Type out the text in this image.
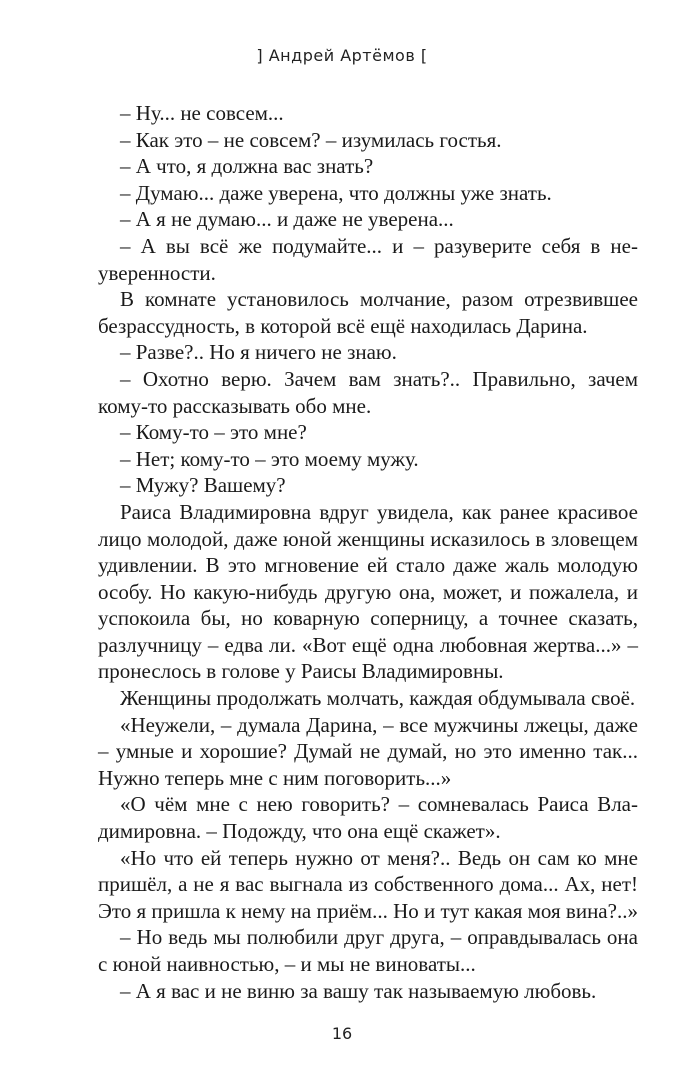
] Андрей Артёмов [

– Ну... не совсем...

– Как это – не совсем? – изумилась гостья.

– А что, я должна вас знать?

– Думаю... даже уверена, что должны уже знать.

– А я не думаю... и даже не уверена...

– А вы всё же подумайте... и – разуверите себя в неуверенности.

В комнате установилось молчание, разом отрезвившее безрассудность, в которой всё ещё находилась Дарина.

– Разве?.. Но я ничего не знаю.

– Охотно верю. Зачем вам знать?.. Правильно, зачем кому-то рассказывать обо мне.

– Кому-то – это мне?

– Нет; кому-то – это моему мужу.

– Мужу? Вашему?

Раиса Владимировна вдруг увидела, как ранее красивое лицо молодой, даже юной женщины исказилось в зловещем удивлении. В это мгновение ей стало даже жаль молодую особу. Но какую-нибудь другую она, может, и пожалела, и успокоила бы, но коварную соперницу, а точнее сказать, разлучницу – едва ли. «Вот ещё одна любовная жертва...» – пронеслось в голове у Раисы Владимировны.

Женщины продолжать молчать, каждая обдумывала своё.

«Неужели, – думала Дарина, – все мужчины лжецы, даже – умные и хорошие? Думай не думай, но это именно так... Нужно теперь мне с ним поговорить...»

«О чём мне с нею говорить? – сомневалась Раиса Владимировна. – Подожду, что она ещё скажет».

«Но что ей теперь нужно от меня?.. Ведь он сам ко мне пришёл, а не я вас выгнала из собственного дома... Ах, нет! Это я пришла к нему на приём... Но и тут какая моя вина?..»

– Но ведь мы полюбили друг друга, – оправдывалась она с юной наивностью, – и мы не виноваты...

– А я вас и не виню за вашу так называемую любовь.

16
